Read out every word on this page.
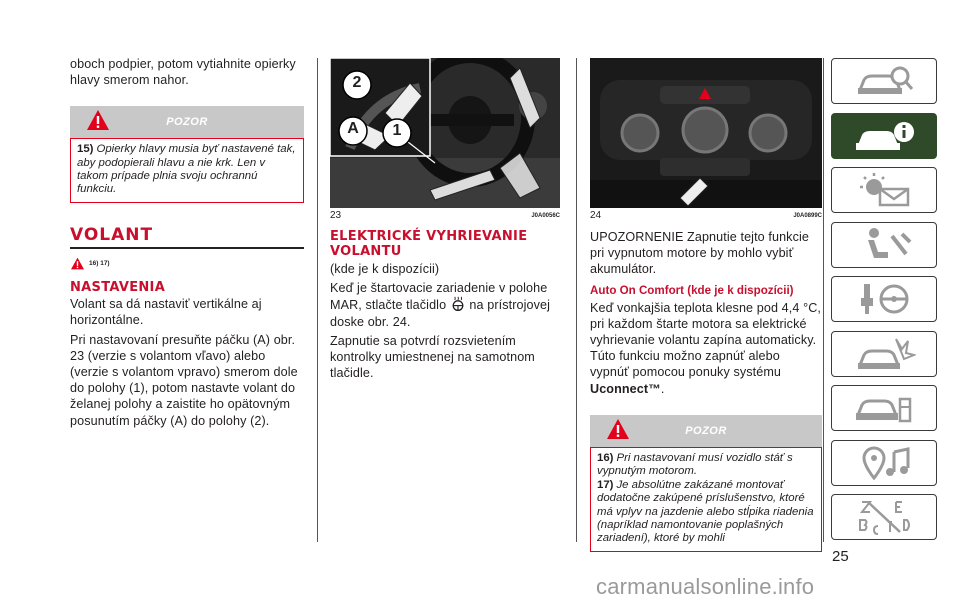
oboch podpier, potom vytiahnite opierky hlavy smerom nahor.
POZOR
15) Opierky hlavy musia byť nastavené tak, aby podopierali hlavu a nie krk. Len v takom prípade plnia svoju ochrannú funkciu.
VOLANT
16) 17)
NASTAVENIA

Volant sa dá nastaviť vertikálne aj horizontálne.

Pri nastavovaní presuňte páčku (A) obr. 23 (verzie s volantom vľavo) alebo (verzie s volantom vpravo) smerom dole do polohy (1), potom nastavte volant do želanej polohy a zaistite ho opätovným posunutím páčky (A) do polohy (2).

2
A 1
23	J0A0056C
ELEKTRICKÉ VYHRIEVANIE VOLANTU

(kde je k dispozícii)

Keď je štartovacie zariadenie v polohe MAR, stlačte tlačidlo na prístrojovej doske obr. 24.

Zapnutie sa potvrdí rozsvietením kontrolky umiestnenej na samotnom tlačidle.

24	J0A0899C

UPOZORNENIE Zapnutie tejto funkcie pri vypnutom motore by mohlo vybiť akumulátor.

Auto On Comfort (kde je k dispozícii)
Keď vonkajšia teplota klesne pod 4,4 °C, pri každom štarte motora sa elektrické vyhrievanie volantu zapína automaticky. Túto funkciu možno zapnúť alebo vypnúť pomocou ponuky systému Uconnect™.
POZOR
16) Pri nastavovaní musí vozidlo stáť s vypnutým motorom.
17) Je absolútne zakázané montovať dodatočne zakúpené príslušenstvo, ktoré má vplyv na jazdenie alebo stĺpika riadenia (napríklad namontovanie poplašných zariadení), ktoré by mohli
25
carmanualsonline.info
